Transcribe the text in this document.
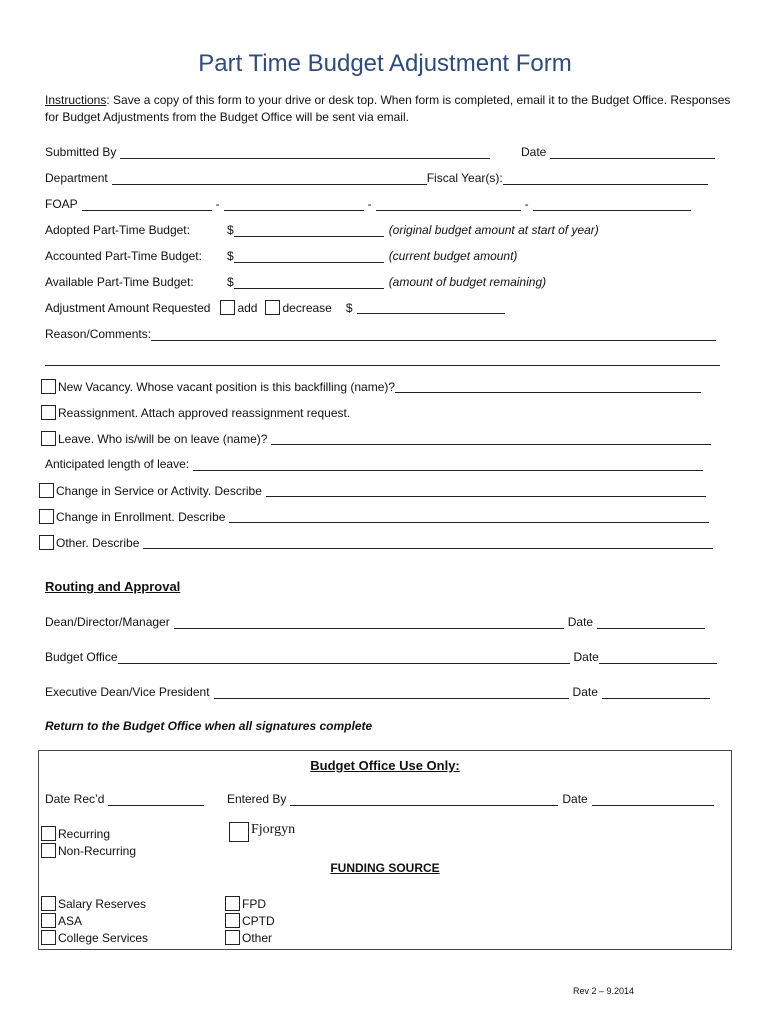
Part Time Budget Adjustment Form
Instructions: Save a copy of this form to your drive or desk top. When form is completed, email it to the Budget Office. Responses for Budget Adjustments from the Budget Office will be sent via email.
Submitted By	Date
Department	Fiscal Year(s):
FOAP	-	-	-
Adopted Part-Time Budget:	$	(original budget amount at start of year)
Accounted Part-Time Budget:	$	(current budget amount)
Available Part-Time Budget:	$	(amount of budget remaining)
Adjustment Amount Requested add decrease $
Reason/Comments:
New Vacancy. Whose vacant position is this backfilling (name)?
Reassignment. Attach approved reassignment request.
Leave. Who is/will be on leave (name)?
Anticipated length of leave:
Change in Service or Activity. Describe
Change in Enrollment. Describe
Other. Describe
Routing and Approval
Dean/Director/Manager	Date
Budget Office	Date
Executive Dean/Vice President	Date
Return to the Budget Office when all signatures complete
Budget Office Use Only:
Date Rec’d	Entered By	Date
Recurring
Non-Recurring
Fjorgyn
FUNDING SOURCE
Salary Reserves
ASA
College Services
FPD
CPTD
Other
Rev 2 – 9.2014
